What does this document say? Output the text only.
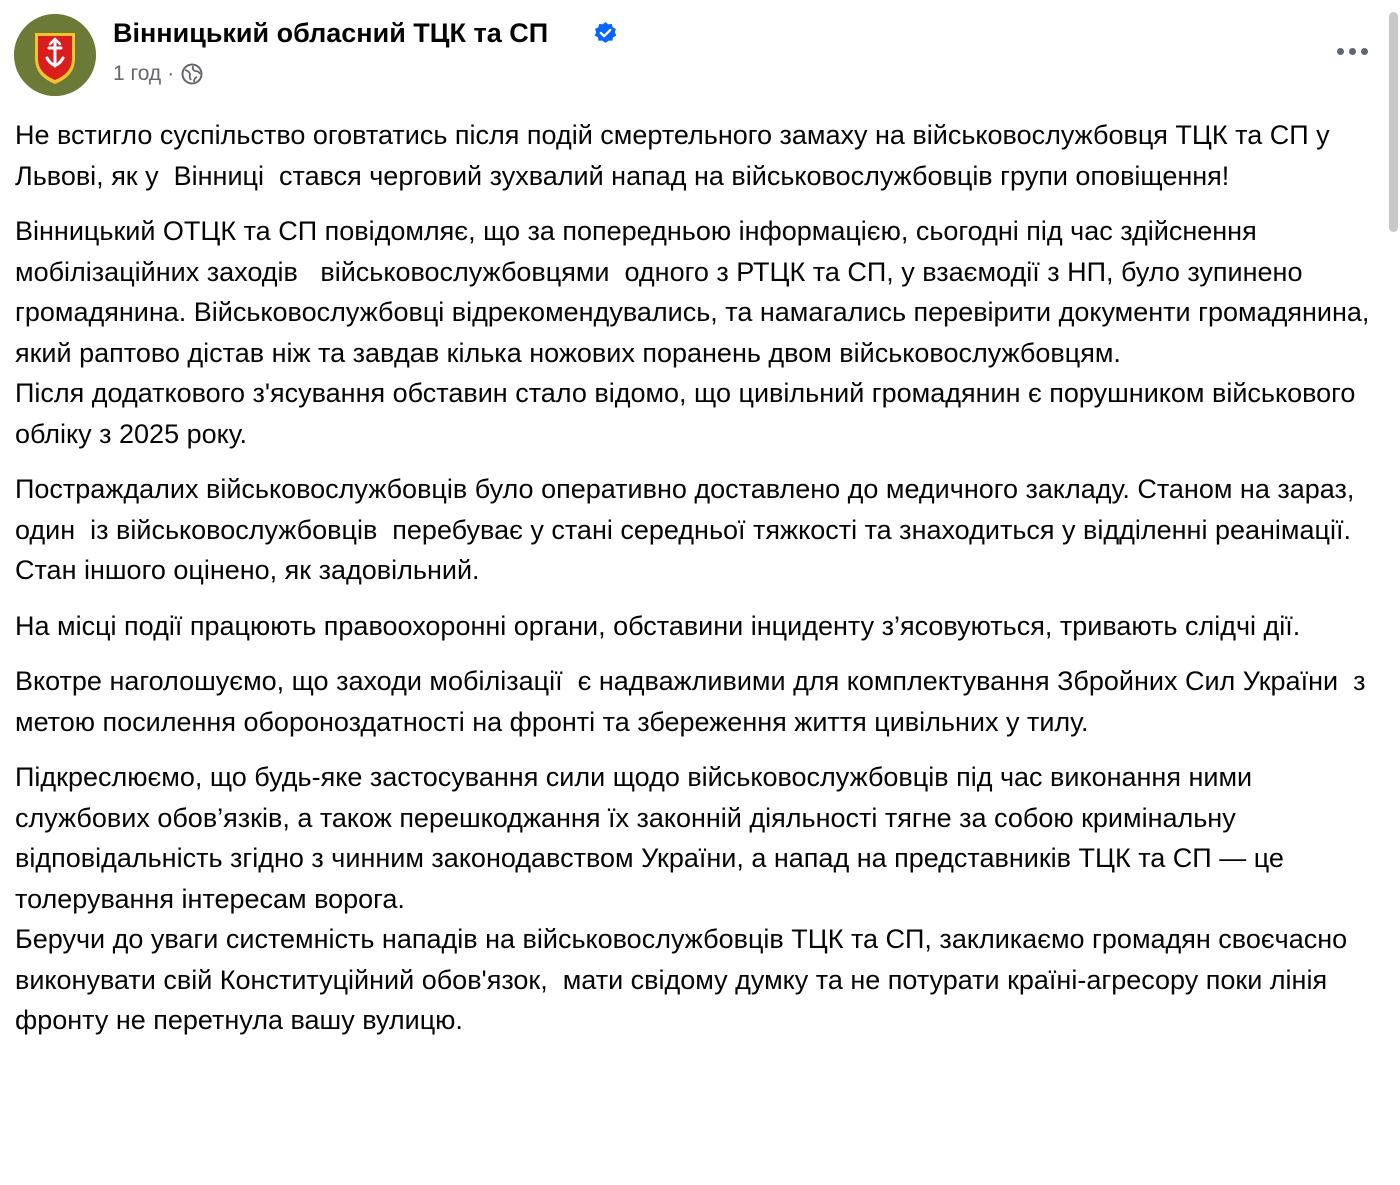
Вінницький обласний ТЦК та СП
1 год ·

Не встигло суспільство оговтатись після подій смертельного замаху на військовослужбовця ТЦК та СП у Львові, як у  Вінниці  стався черговий зухвалий напад на військовослужбовців групи оповіщення!

Вінницький ОТЦК та СП повідомляє, що за попередньою інформацією, сьогодні під час здійснення мобілізаційних заходів   військовослужбовцями  одного з РТЦК та СП, у взаємодії з НП, було зупинено громадянина. Військовослужбовці відрекомендувались, та намагались перевірити документи громадянина, який раптово дістав ніж та завдав кілька ножових поранень двом військовослужбовцям.
Після додаткового з'ясування обставин стало відомо, що цивільний громадянин є порушником військового обліку з 2025 року.

Постраждалих військовослужбовців було оперативно доставлено до медичного закладу. Станом на зараз, один  із військовослужбовців  перебуває у стані середньої тяжкості та знаходиться у відділенні реанімації.  Стан іншого оцінено, як задовільний.

На місці події працюють правоохоронні органи, обставини інциденту з’ясовуються, тривають слідчі дії.

Вкотре наголошуємо, що заходи мобілізації  є надважливими для комплектування Збройних Сил України  з метою посилення обороноздатності на фронті та збереження життя цивільних у тилу.

Підкреслюємо, що будь-яке застосування сили щодо військовослужбовців під час виконання ними службових обов’язків, а також перешкоджання їх законній діяльності тягне за собою кримінальну відповідальність згідно з чинним законодавством України, а напад на представників ТЦК та СП — це толерування інтересам ворога.
Беручи до уваги системність нападів на військовослужбовців ТЦК та СП, закликаємо громадян своєчасно  виконувати свій Конституційний обов'язок,  мати свідому думку та не потурати країні-агресору поки лінія фронту не перетнула вашу вулицю.
